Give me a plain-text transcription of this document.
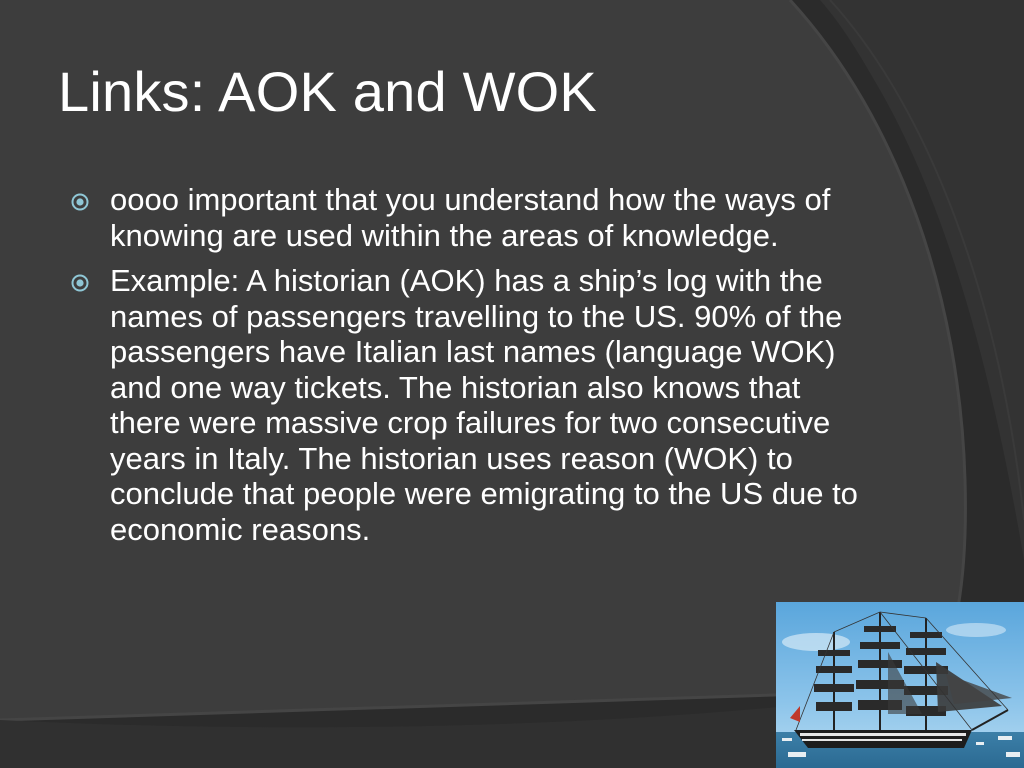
Links: AOK and WOK
oooo important that you understand how the ways of knowing are used within the areas of knowledge.
Example: A historian (AOK) has a ship’s log with the names of passengers travelling to the US. 90% of the passengers have Italian last names (language WOK) and one way tickets. The historian also knows that there were massive crop failures for two consecutive years in Italy. The historian uses reason (WOK) to conclude that people were emigrating to the US due to economic reasons.
